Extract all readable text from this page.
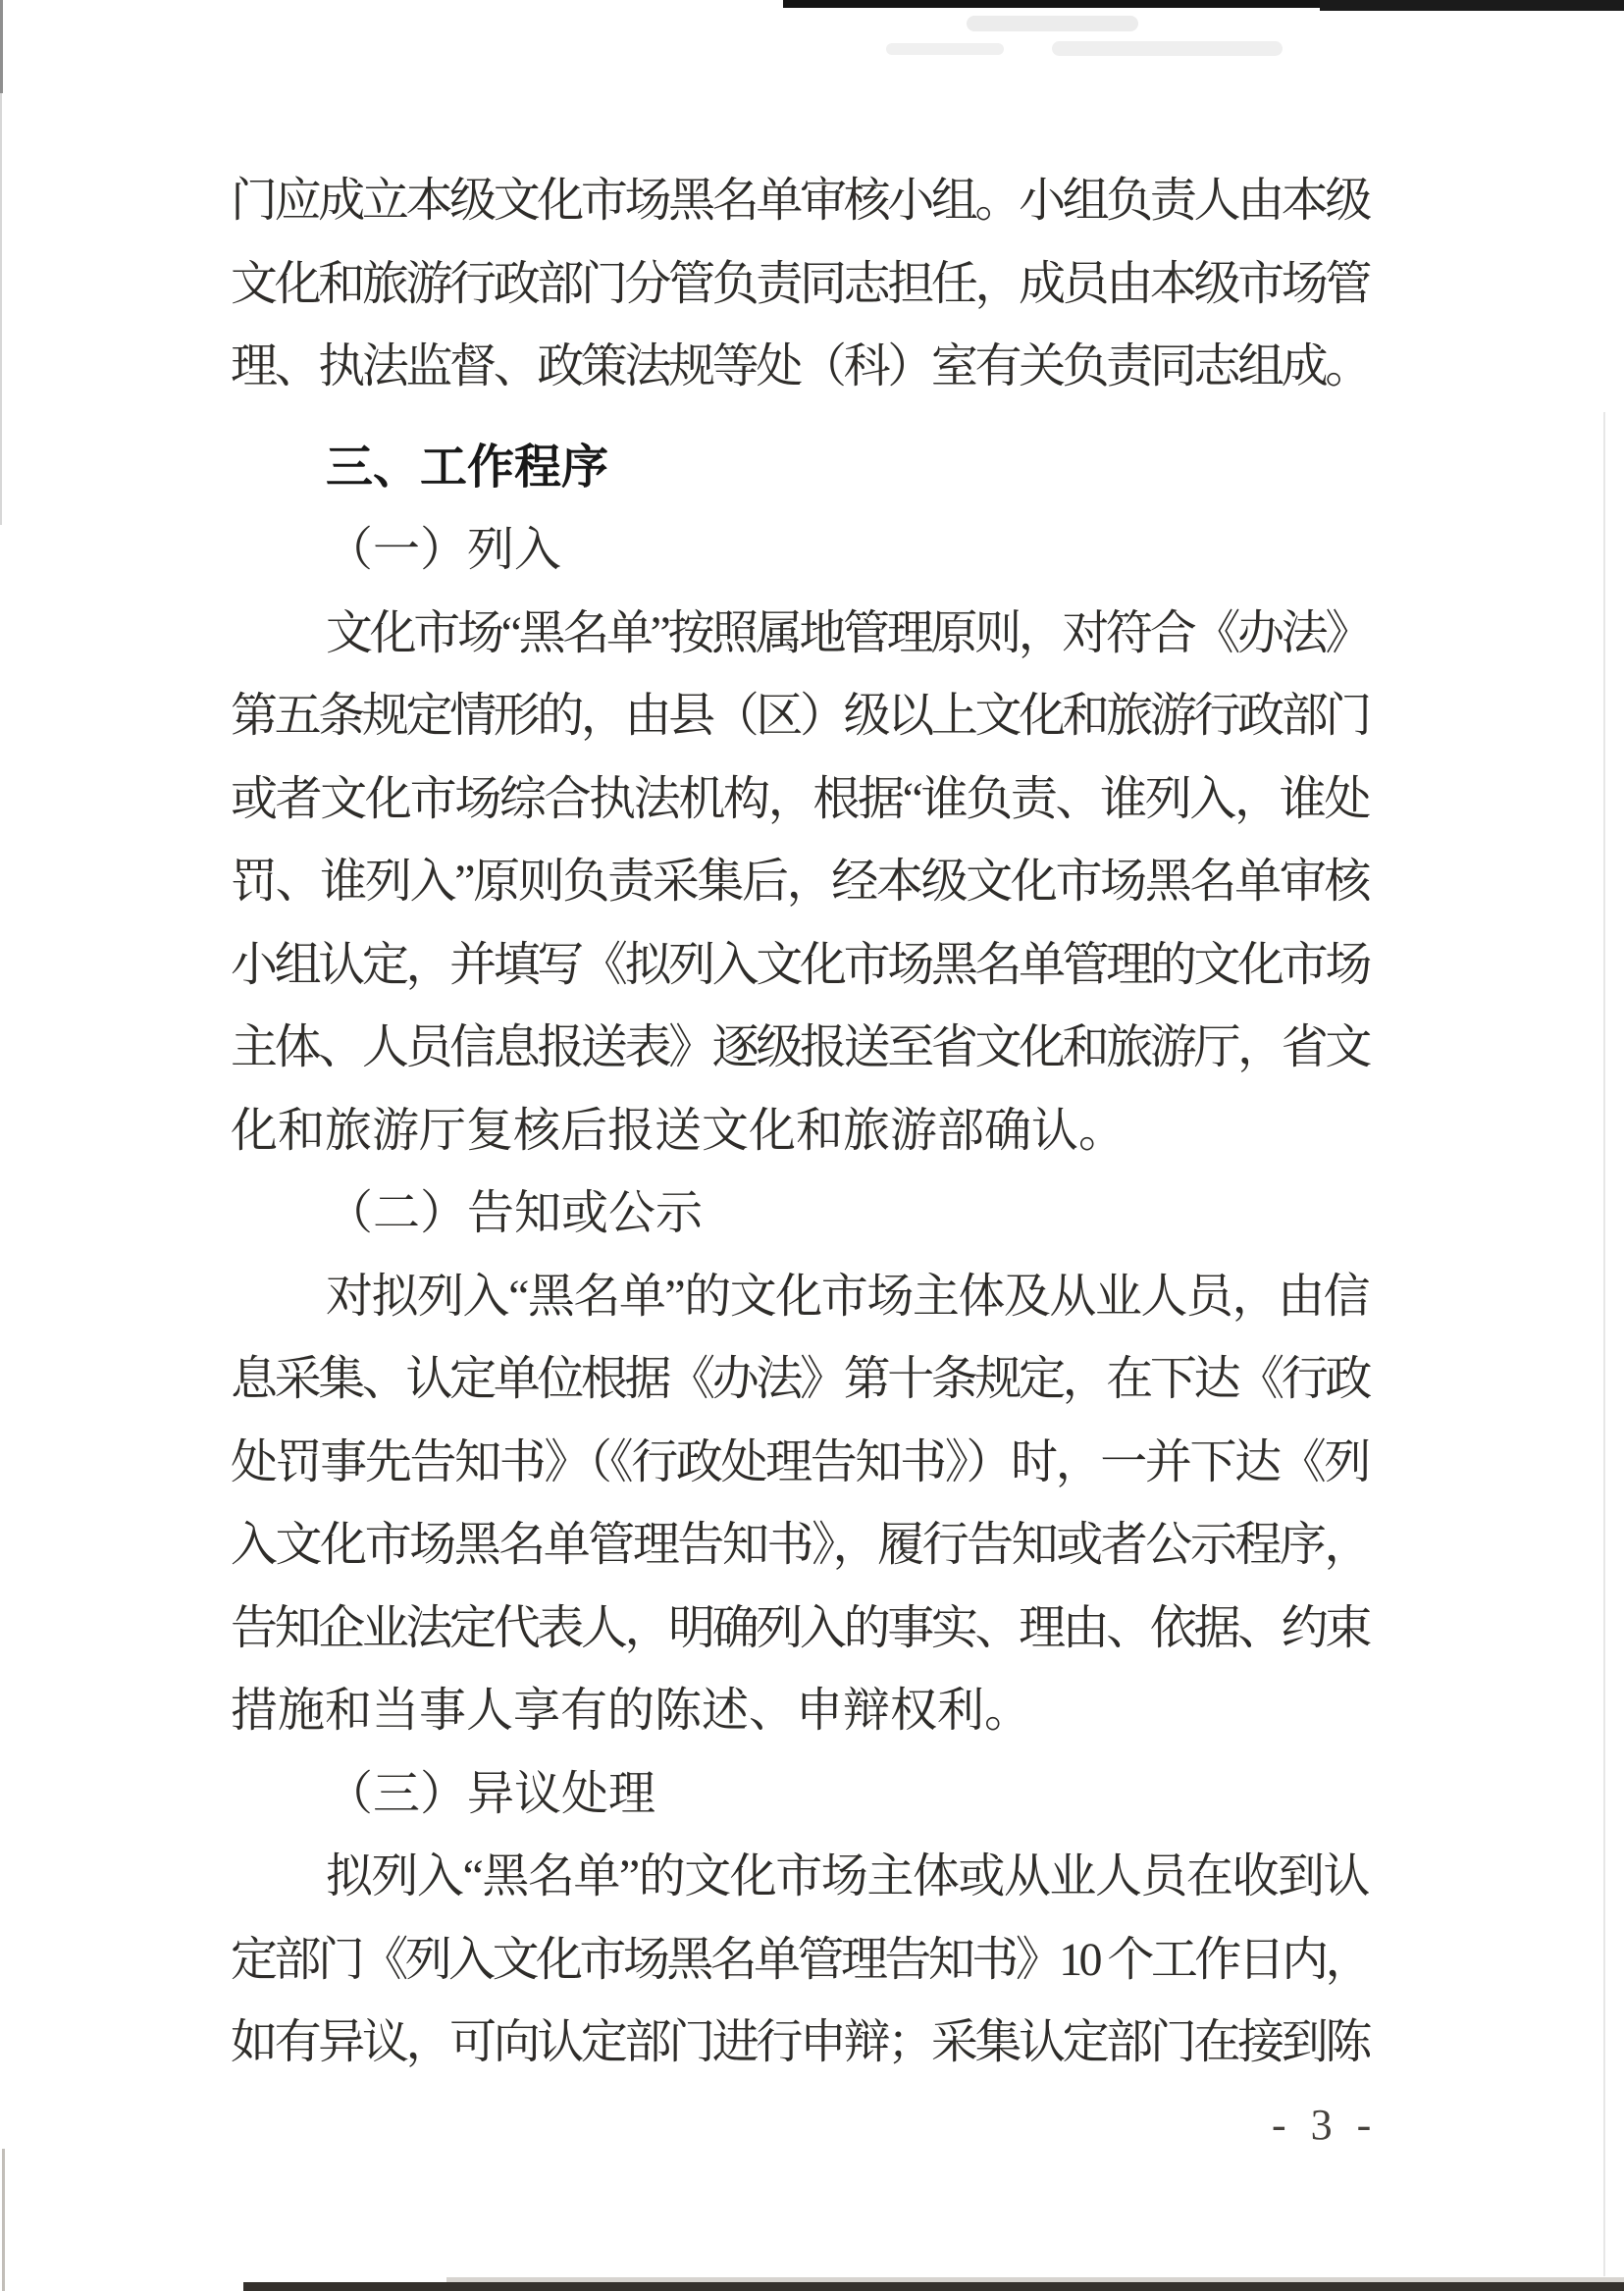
门应成立本级文化市场黑名单审核小组。小组负责人由本级
文化和旅游行政部门分管负责同志担任，成员由本级市场管
理、执法监督、政策法规等处（科）室有关负责同志组成。
三、工作程序
（一）列入
文化市场“黑名单”按照属地管理原则，对符合《办法》
第五条规定情形的，由县（区）级以上文化和旅游行政部门
或者文化市场综合执法机构，根据“谁负责、谁列入，谁处
罚、谁列入”原则负责采集后，经本级文化市场黑名单审核
小组认定，并填写《拟列入文化市场黑名单管理的文化市场
主体、人员信息报送表》逐级报送至省文化和旅游厅，省文
化和旅游厅复核后报送文化和旅游部确认。
（二）告知或公示
对拟列入“黑名单”的文化市场主体及从业人员，由信
息采集、认定单位根据《办法》第十条规定，在下达《行政
处罚事先告知书》（《行政处理告知书》）时，一并下达《列
入文化市场黑名单管理告知书》，履行告知或者公示程序，
告知企业法定代表人，明确列入的事实、理由、依据、约束
措施和当事人享有的陈述、申辩权利。
（三）异议处理
拟列入“黑名单”的文化市场主体或从业人员在收到认
定部门《列入文化市场黑名单管理告知书》10 个工作日内，
如有异议，可向认定部门进行申辩；采集认定部门在接到陈
- 3 -
